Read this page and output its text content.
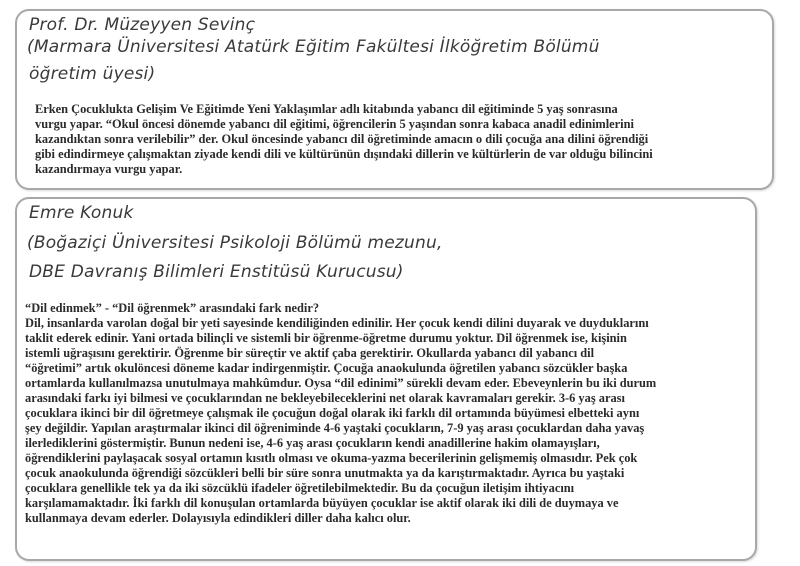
Prof. Dr. Müzeyyen Sevinç
(Marmara Üniversitesi Atatürk Eğitim Fakültesi İlköğretim Bölümü
öğretim üyesi)
Erken Çocuklukta Gelişim Ve Eğitimde Yeni Yaklaşımlar adlı kitabında yabancı dil eğitiminde 5 yaş sonrasına
vurgu yapar. “Okul öncesi dönemde yabancı dil eğitimi, öğrencilerin 5 yaşından sonra kabaca anadil edinimlerini
kazandıktan sonra verilebilir” der. Okul öncesinde yabancı dil öğretiminde amacın o dili çocuğa ana dilini öğrendiği
gibi edindirmeye çalışmaktan ziyade kendi dili ve kültürünün dışındaki dillerin ve kültürlerin de var olduğu bilincini
kazandırmaya vurgu yapar.
Emre Konuk
(Boğaziçi Üniversitesi Psikoloji Bölümü mezunu,
DBE Davranış Bilimleri Enstitüsü Kurucusu)
“Dil edinmek” - “Dil öğrenmek” arasındaki fark nedir?
Dil, insanlarda varolan doğal bir yeti sayesinde kendiliğinden edinilir. Her çocuk kendi dilini duyarak ve duyduklarını
taklit ederek edinir. Yani ortada bilinçli ve sistemli bir öğrenme-öğretme durumu yoktur. Dil öğrenmek ise, kişinin
istemli uğraşısını gerektirir. Öğrenme bir süreçtir ve aktif çaba gerektirir. Okullarda yabancı dil yabancı dil
“öğretimi” artık okulöncesi döneme kadar indirgenmiştir. Çocuğa anaokulunda öğretilen yabancı sözcükler başka
ortamlarda kullanılmazsa unutulmaya mahkûmdur. Oysa “dil edinimi” sürekli devam eder. Ebeveynlerin bu iki durum
arasındaki farkı iyi bilmesi ve çocuklarından ne bekleyebileceklerini net olarak kavramaları gerekir. 3-6 yaş arası
çocuklara ikinci bir dil öğretmeye çalışmak ile çocuğun doğal olarak iki farklı dil ortamında büyümesi elbetteki aynı
şey değildir. Yapılan araştırmalar ikinci dil öğreniminde 4-6 yaştaki çocukların, 7-9 yaş arası çocuklardan daha yavaş
ilerlediklerini göstermiştir. Bunun nedeni ise, 4-6 yaş arası çocukların kendi anadillerine hakim olamayışları,
öğrendiklerini paylaşacak sosyal ortamın kısıtlı olması ve okuma-yazma becerilerinin gelişmemiş olmasıdır. Pek çok
çocuk anaokulunda öğrendiği sözcükleri belli bir süre sonra unutmakta ya da karıştırmaktadır. Ayrıca bu yaştaki
çocuklara genellikle tek ya da iki sözcüklü ifadeler öğretilebilmektedir. Bu da çocuğun iletişim ihtiyacını
karşılamamaktadır. İki farklı dil konuşulan ortamlarda büyüyen çocuklar ise aktif olarak iki dili de duymaya ve
kullanmaya devam ederler. Dolayısıyla edindikleri diller daha kalıcı olur.
